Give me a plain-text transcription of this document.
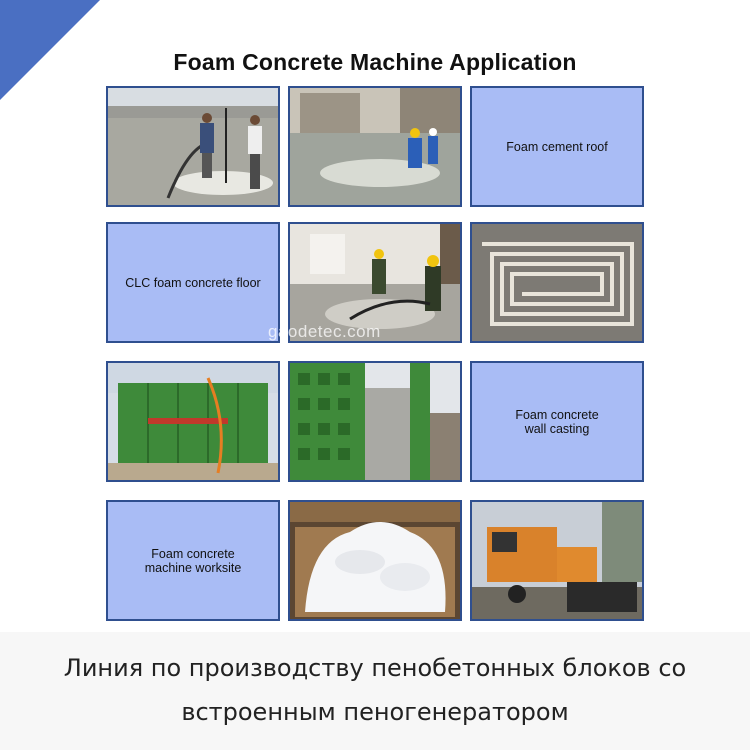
Foam Concrete Machine Application
Foam cement roof
CLC foam concrete floor
Foam concrete
wall casting
Foam concrete
machine worksite
gaodetec.com
Линия по производству пенобетонных блоков со
встроенным пеногенератором
